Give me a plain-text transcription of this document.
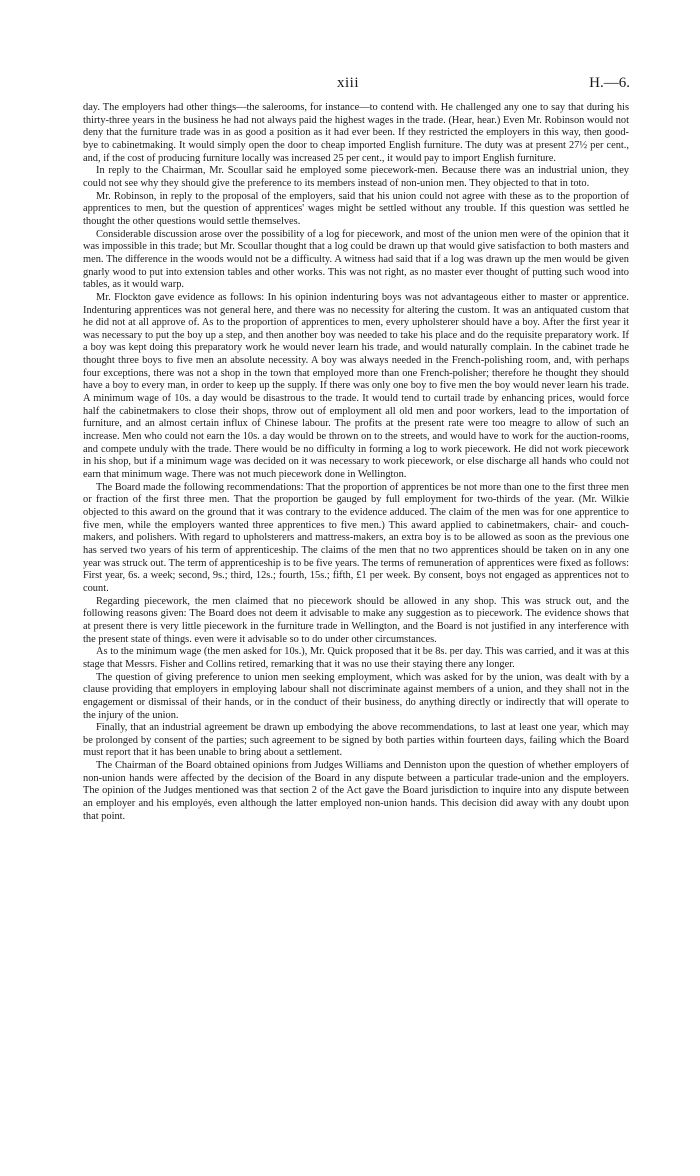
xiii	H.—6.

day. The employers had other things—the salerooms, for instance—to contend with. He challenged any one to say that during his thirty-three years in the business he had not always paid the highest wages in the trade. (Hear, hear.) Even Mr. Robinson would not deny that the furniture trade was in as good a position as it had ever been. If they restricted the employers in this way, then good-bye to cabinetmaking. It would simply open the door to cheap imported English furniture. The duty was at present 27½ per cent., and, if the cost of producing furniture locally was increased 25 per cent., it would pay to import English furniture.

In reply to the Chairman, Mr. Scoullar said he employed some piecework-men. Because there was an industrial union, they could not see why they should give the preference to its members instead of non-union men. They objected to that in toto.

Mr. Robinson, in reply to the proposal of the employers, said that his union could not agree with these as to the proportion of apprentices to men, but the question of apprentices' wages might be settled without any trouble. If this question was settled he thought the other questions would settle themselves.

Considerable discussion arose over the possibility of a log for piecework, and most of the union men were of the opinion that it was impossible in this trade; but Mr. Scoullar thought that a log could be drawn up that would give satisfaction to both masters and men. The difference in the woods would not be a difficulty. A witness had said that if a log was drawn up the men would be given gnarly wood to put into extension tables and other works. This was not right, as no master ever thought of putting such wood into tables, as it would warp.

Mr. Flockton gave evidence as follows: In his opinion indenturing boys was not advantageous either to master or apprentice. Indenturing apprentices was not general here, and there was no necessity for altering the custom. It was an antiquated custom that he did not at all approve of. As to the proportion of apprentices to men, every upholsterer should have a boy. After the first year it was necessary to put the boy up a step, and then another boy was needed to take his place and do the requisite preparatory work. If a boy was kept doing this preparatory work he would never learn his trade, and would naturally complain. In the cabinet trade he thought three boys to five men an absolute necessity. A boy was always needed in the French-polishing room, and, with perhaps four exceptions, there was not a shop in the town that employed more than one French-polisher; therefore he thought they should have a boy to every man, in order to keep up the supply. If there was only one boy to five men the boy would never learn his trade. A minimum wage of 10s. a day would be disastrous to the trade. It would tend to curtail trade by enhancing prices, would force half the cabinetmakers to close their shops, throw out of employment all old men and poor workers, lead to the importation of furniture, and an almost certain influx of Chinese labour. The profits at the present rate were too meagre to allow of such an increase. Men who could not earn the 10s. a day would be thrown on to the streets, and would have to work for the auction-rooms, and compete unduly with the trade. There would be no difficulty in forming a log to work piecework. He did not work piecework in his shop, but if a minimum wage was decided on it was necessary to work piecework, or else discharge all hands who could not earn that minimum wage. There was not much piecework done in Wellington.

The Board made the following recommendations: That the proportion of apprentices be not more than one to the first three men or fraction of the first three men. That the proportion be gauged by full employment for two-thirds of the year. (Mr. Wilkie objected to this award on the ground that it was contrary to the evidence adduced. The claim of the men was for one apprentice to five men, while the employers wanted three apprentices to five men.) This award applied to cabinetmakers, chair- and couch-makers, and polishers. With regard to upholsterers and mattress-makers, an extra boy is to be allowed as soon as the previous one has served two years of his term of apprenticeship. The claims of the men that no two apprentices should be taken on in any one year was struck out. The term of apprenticeship is to be five years. The terms of remuneration of apprentices were fixed as follows: First year, 6s. a week; second, 9s.; third, 12s.; fourth, 15s.; fifth, £1 per week. By consent, boys not engaged as apprentices not to count.

Regarding piecework, the men claimed that no piecework should be allowed in any shop. This was struck out, and the following reasons given: The Board does not deem it advisable to make any suggestion as to piecework. The evidence shows that at present there is very little piecework in the furniture trade in Wellington, and the Board is not justified in any interference with the present state of things. even were it advisable so to do under other circumstances.

As to the minimum wage (the men asked for 10s.), Mr. Quick proposed that it be 8s. per day. This was carried, and it was at this stage that Messrs. Fisher and Collins retired, remarking that it was no use their staying there any longer.

The question of giving preference to union men seeking employment, which was asked for by the union, was dealt with by a clause providing that employers in employing labour shall not discriminate against members of a union, and they shall not in the engagement or dismissal of their hands, or in the conduct of their business, do anything directly or indirectly that will operate to the injury of the union.

Finally, that an industrial agreement be drawn up embodying the above recommendations, to last at least one year, which may be prolonged by consent of the parties; such agreement to be signed by both parties within fourteen days, failing which the Board must report that it has been unable to bring about a settlement.

The Chairman of the Board obtained opinions from Judges Williams and Denniston upon the question of whether employers of non-union hands were affected by the decision of the Board in any dispute between a particular trade-union and the employers. The opinion of the Judges mentioned was that section 2 of the Act gave the Board jurisdiction to inquire into any dispute between an employer and his employés, even although the latter employed non-union hands. This decision did away with any doubt upon that point.
